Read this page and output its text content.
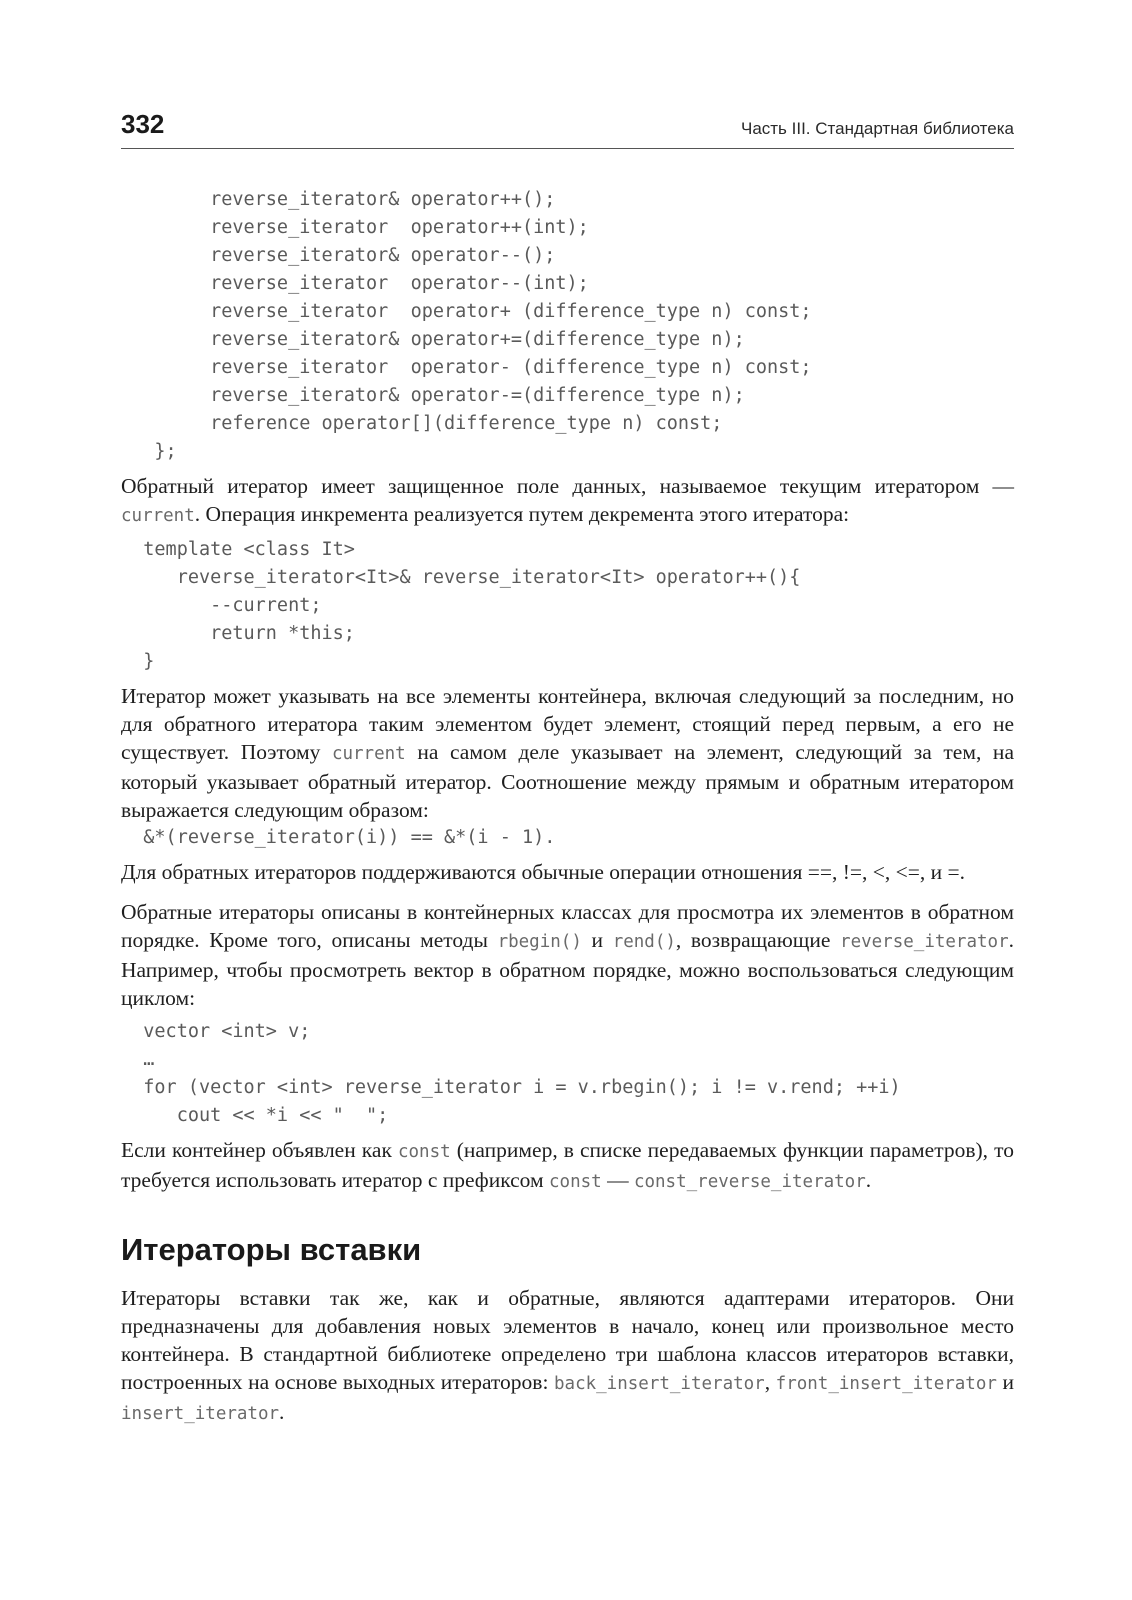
332	Часть III. Стандартная библиотека
reverse_iterator& operator++();
reverse_iterator  operator++(int);
reverse_iterator& operator--();
reverse_iterator  operator--(int);
reverse_iterator  operator+ (difference_type n) const;
reverse_iterator& operator+=(difference_type n);
reverse_iterator  operator- (difference_type n) const;
reverse_iterator& operator-=(difference_type n);
reference operator[](difference_type n) const;
};

Обратный итератор имеет защищенное поле данных, называемое текущим итератором — current. Операция инкремента реализуется путем декремента этого итератора:

template <class It>
reverse_iterator<It>& reverse_iterator<It> operator++(){
--current;
return *this;
}

Итератор может указывать на все элементы контейнера, включая следующий за последним, но для обратного итератора таким элементом будет элемент, стоящий перед первым, а его не существует. Поэтому current на самом деле указывает на элемент, следующий за тем, на который указывает обратный итератор. Соотношение между прямым и обратным итератором выражается следующим образом:

&*(reverse_iterator(i)) == &*(i - 1).

Для обратных итераторов поддерживаются обычные операции отношения ==, !=, <, <=, и =.

Обратные итераторы описаны в контейнерных классах для просмотра их элементов в обратном порядке. Кроме того, описаны методы rbegin() и rend(), возвращающие reverse_iterator. Например, чтобы просмотреть вектор в обратном порядке, можно воспользоваться следующим циклом:

vector <int> v;
…
for (vector <int> reverse_iterator i = v.rbegin(); i != v.rend; ++i)
cout << *i << "  ";

Если контейнер объявлен как const (например, в списке передаваемых функции параметров), то требуется использовать итератор с префиксом const — const_reverse_iterator.

Итераторы вставки

Итераторы вставки так же, как и обратные, являются адаптерами итераторов. Они предназначены для добавления новых элементов в начало, конец или произвольное место контейнера. В стандартной библиотеке определено три шаблона классов итераторов вставки, построенных на основе выходных итераторов: back_insert_iterator, front_insert_iterator и insert_iterator.
